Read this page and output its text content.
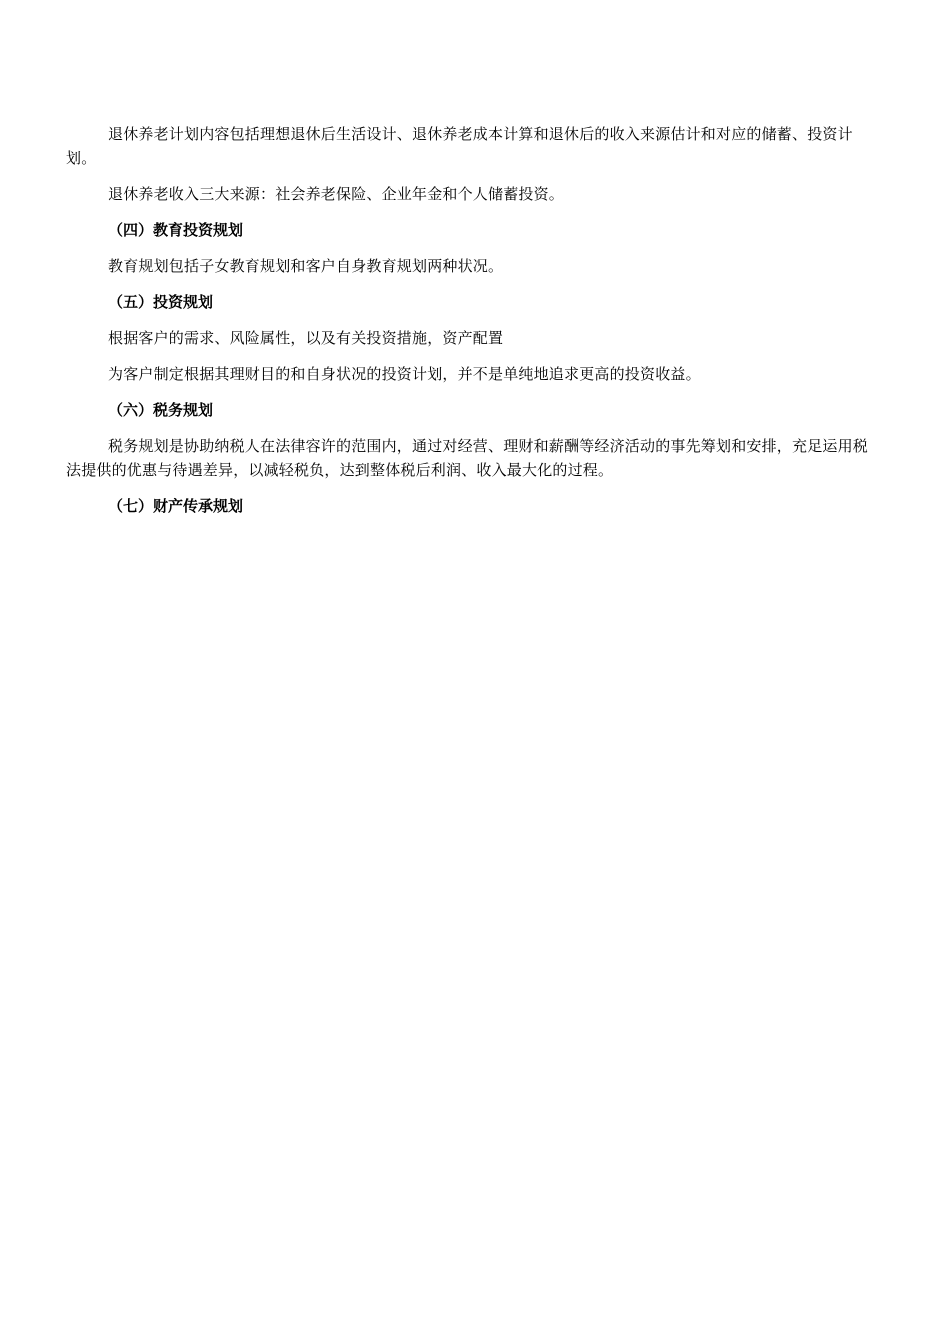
退休养老计划内容包括理想退休后生活设计、退休养老成本计算和退休后的收入来源估计和对应的储蓄、投资计划。

退休养老收入三大来源：社会养老保险、企业年金和个人储蓄投资。

（四）教育投资规划

教育规划包括子女教育规划和客户自身教育规划两种状况。

（五）投资规划

根据客户的需求、风险属性，以及有关投资措施，资产配置

为客户制定根据其理财目的和自身状况的投资计划，并不是单纯地追求更高的投资收益。

（六）税务规划

税务规划是协助纳税人在法律容许的范围内，通过对经营、理财和薪酬等经济活动的事先筹划和安排，充足运用税法提供的优惠与待遇差异，以减轻税负，达到整体税后利润、收入最大化的过程。

（七）财产传承规划
